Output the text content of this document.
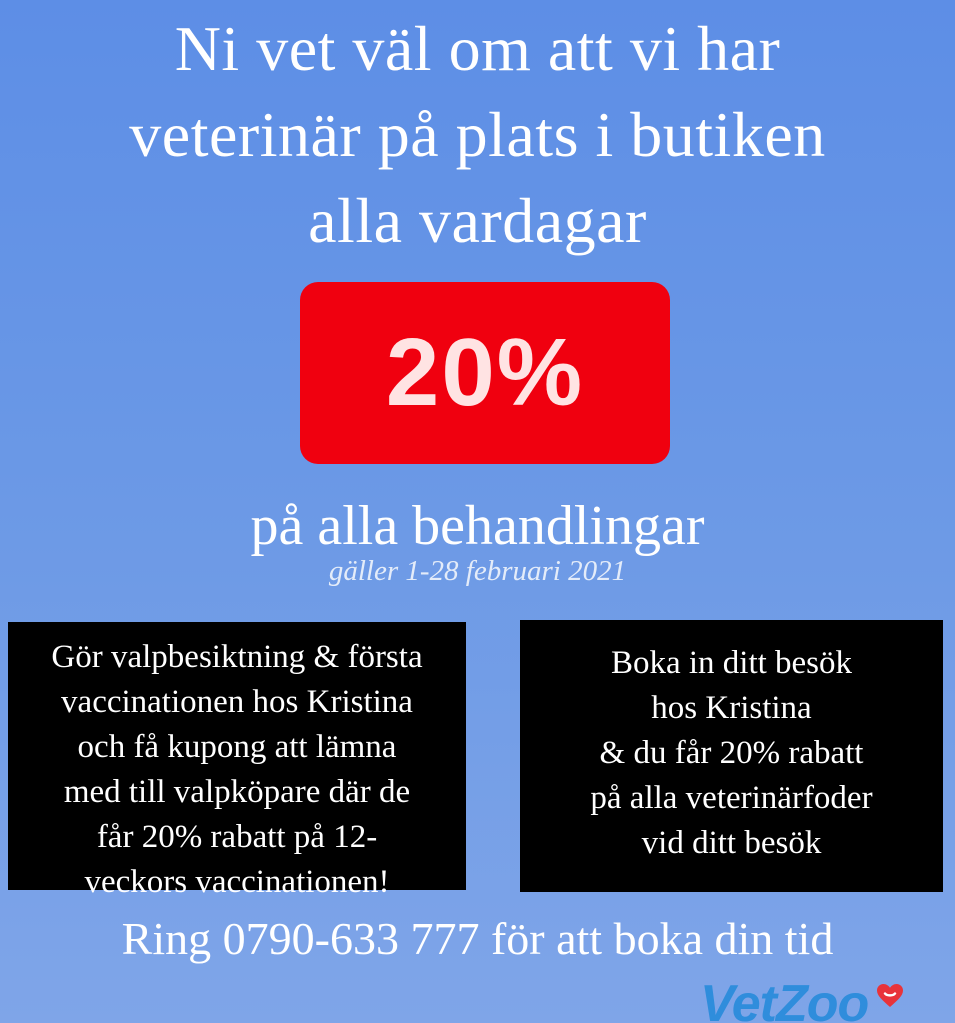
Ni vet väl om att vi har
veterinär på plats i butiken
alla vardagar
20%
på alla behandlingar
gäller 1-28 februari 2021
Gör valpbesiktning & första
vaccinationen hos Kristina
och få kupong att lämna
med till valpköpare där de
får 20% rabatt på 12-
veckors vaccinationen!
Boka in ditt besök
hos Kristina
& du får 20% rabatt
på alla veterinärfoder
vid ditt besök
Ring 0790-633 777 för att boka din tid
VetZoo
